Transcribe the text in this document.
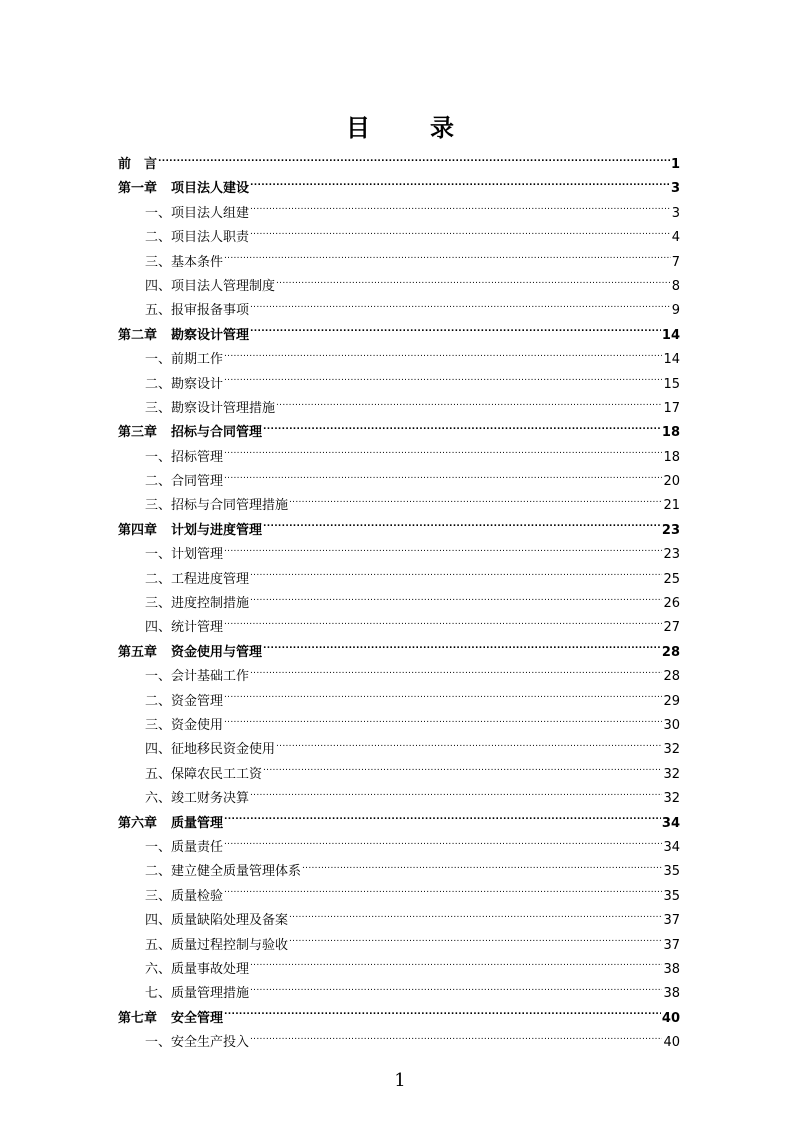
目　录
前　言 .....	1
第一章 项目法人建设 .....	3
一、项目法人组建 .....	3
二、项目法人职责 .....	4
三、基本条件 .....	7
四、项目法人管理制度 .....	8
五、报审报备事项 .....	9
第二章 勘察设计管理 .....	14
一、前期工作 .....	14
二、勘察设计 .....	15
三、勘察设计管理措施 .....	17
第三章 招标与合同管理 .....	18
一、招标管理 .....	18
二、合同管理 .....	20
三、招标与合同管理措施 .....	21
第四章 计划与进度管理 .....	23
一、计划管理 .....	23
二、工程进度管理 .....	25
三、进度控制措施 .....	26
四、统计管理 .....	27
第五章 资金使用与管理 .....	28
一、会计基础工作 .....	28
二、资金管理 .....	29
三、资金使用 .....	30
四、征地移民资金使用 .....	32
五、保障农民工工资 .....	32
六、竣工财务决算 .....	32
第六章 质量管理 .....	34
一、质量责任 .....	34
二、建立健全质量管理体系 .....	35
三、质量检验 .....	35
四、质量缺陷处理及备案 .....	37
五、质量过程控制与验收 .....	37
六、质量事故处理 .....	38
七、质量管理措施 .....	38
第七章 安全管理 .....	40
一、安全生产投入 .....	40
1
